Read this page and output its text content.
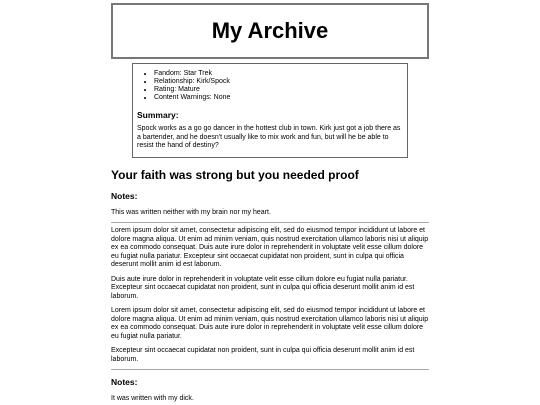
My Archive
• Fandom: Star Trek
• Relationship: Kirk/Spock
• Rating: Mature
• Content Warnings: None
Summary:

Spock works as a go go dancer in the hottest club in town. Kirk just got a job there as a bartender, and he doesn't usually like to mix work and fun, but will he be able to resist the hand of destiny?

Your faith was strong but you needed proof
Notes:

This was written neither with my brain nor my heart.

Lorem ipsum dolor sit amet, consectetur adipiscing elit, sed do eiusmod tempor incididunt ut labore et dolore magna aliqua. Ut enim ad minim veniam, quis nostrud exercitation ullamco laboris nisi ut aliquip ex ea commodo consequat. Duis aute irure dolor in reprehenderit in voluptate velit esse cillum dolore eu fugiat nulla pariatur. Excepteur sint occaecat cupidatat non proident, sunt in culpa qui officia deserunt mollit anim id est laborum.

Duis aute irure dolor in reprehenderit in voluptate velit esse cillum dolore eu fugiat nulla pariatur. Excepteur sint occaecat cupidatat non proident, sunt in culpa qui officia deserunt mollit anim id est laborum.

Lorem ipsum dolor sit amet, consectetur adipiscing elit, sed do eiusmod tempor incididunt ut labore et dolore magna aliqua. Ut enim ad minim veniam, quis nostrud exercitation ullamco laboris nisi ut aliquip ex ea commodo consequat. Duis aute irure dolor in reprehenderit in voluptate velit esse cillum dolore eu fugiat nulla pariatur.

Excepteur sint occaecat cupidatat non proident, sunt in culpa qui officia deserunt mollit anim id est laborum.

Notes:

It was written with my dick.
